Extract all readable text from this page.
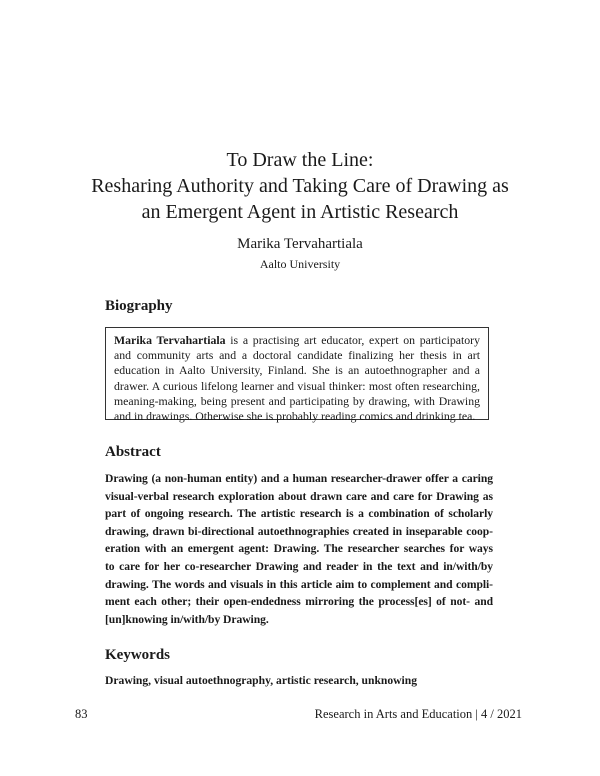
To Draw the Line:
Resharing Authority and Taking Care of Drawing as
an Emergent Agent in Artistic Research
Marika Tervahartiala
Aalto University
Biography
Marika Tervahartiala is a practising art educator, expert on participatory and community arts and a doctoral candidate finalizing her thesis in art education in Aalto University, Finland. She is an autoethnographer and a drawer. A curious lifelong learner and visual thinker: most often researching, meaning-making, being present and participating by drawing, with Drawing and in drawings. Otherwise she is probably reading comics and drinking tea.
Abstract
Drawing (a non-human entity) and a human researcher-drawer offer a caring
visual-verbal research exploration about drawn care and care for Drawing as
part of ongoing research. The artistic research is a combination of scholarly
drawing, drawn bi-directional autoethnographies created in inseparable coop-
eration with an emergent agent: Drawing. The researcher searches for ways
to care for her co-researcher Drawing and reader in the text and in/with/by
drawing. The words and visuals in this article aim to complement and compli-
ment each other; their open-endedness mirroring the process[es] of not- and
[un]knowing in/with/by Drawing.
Keywords
Drawing, visual autoethnography, artistic research, unknowing
83	Research in Arts and Education | 4 / 2021
